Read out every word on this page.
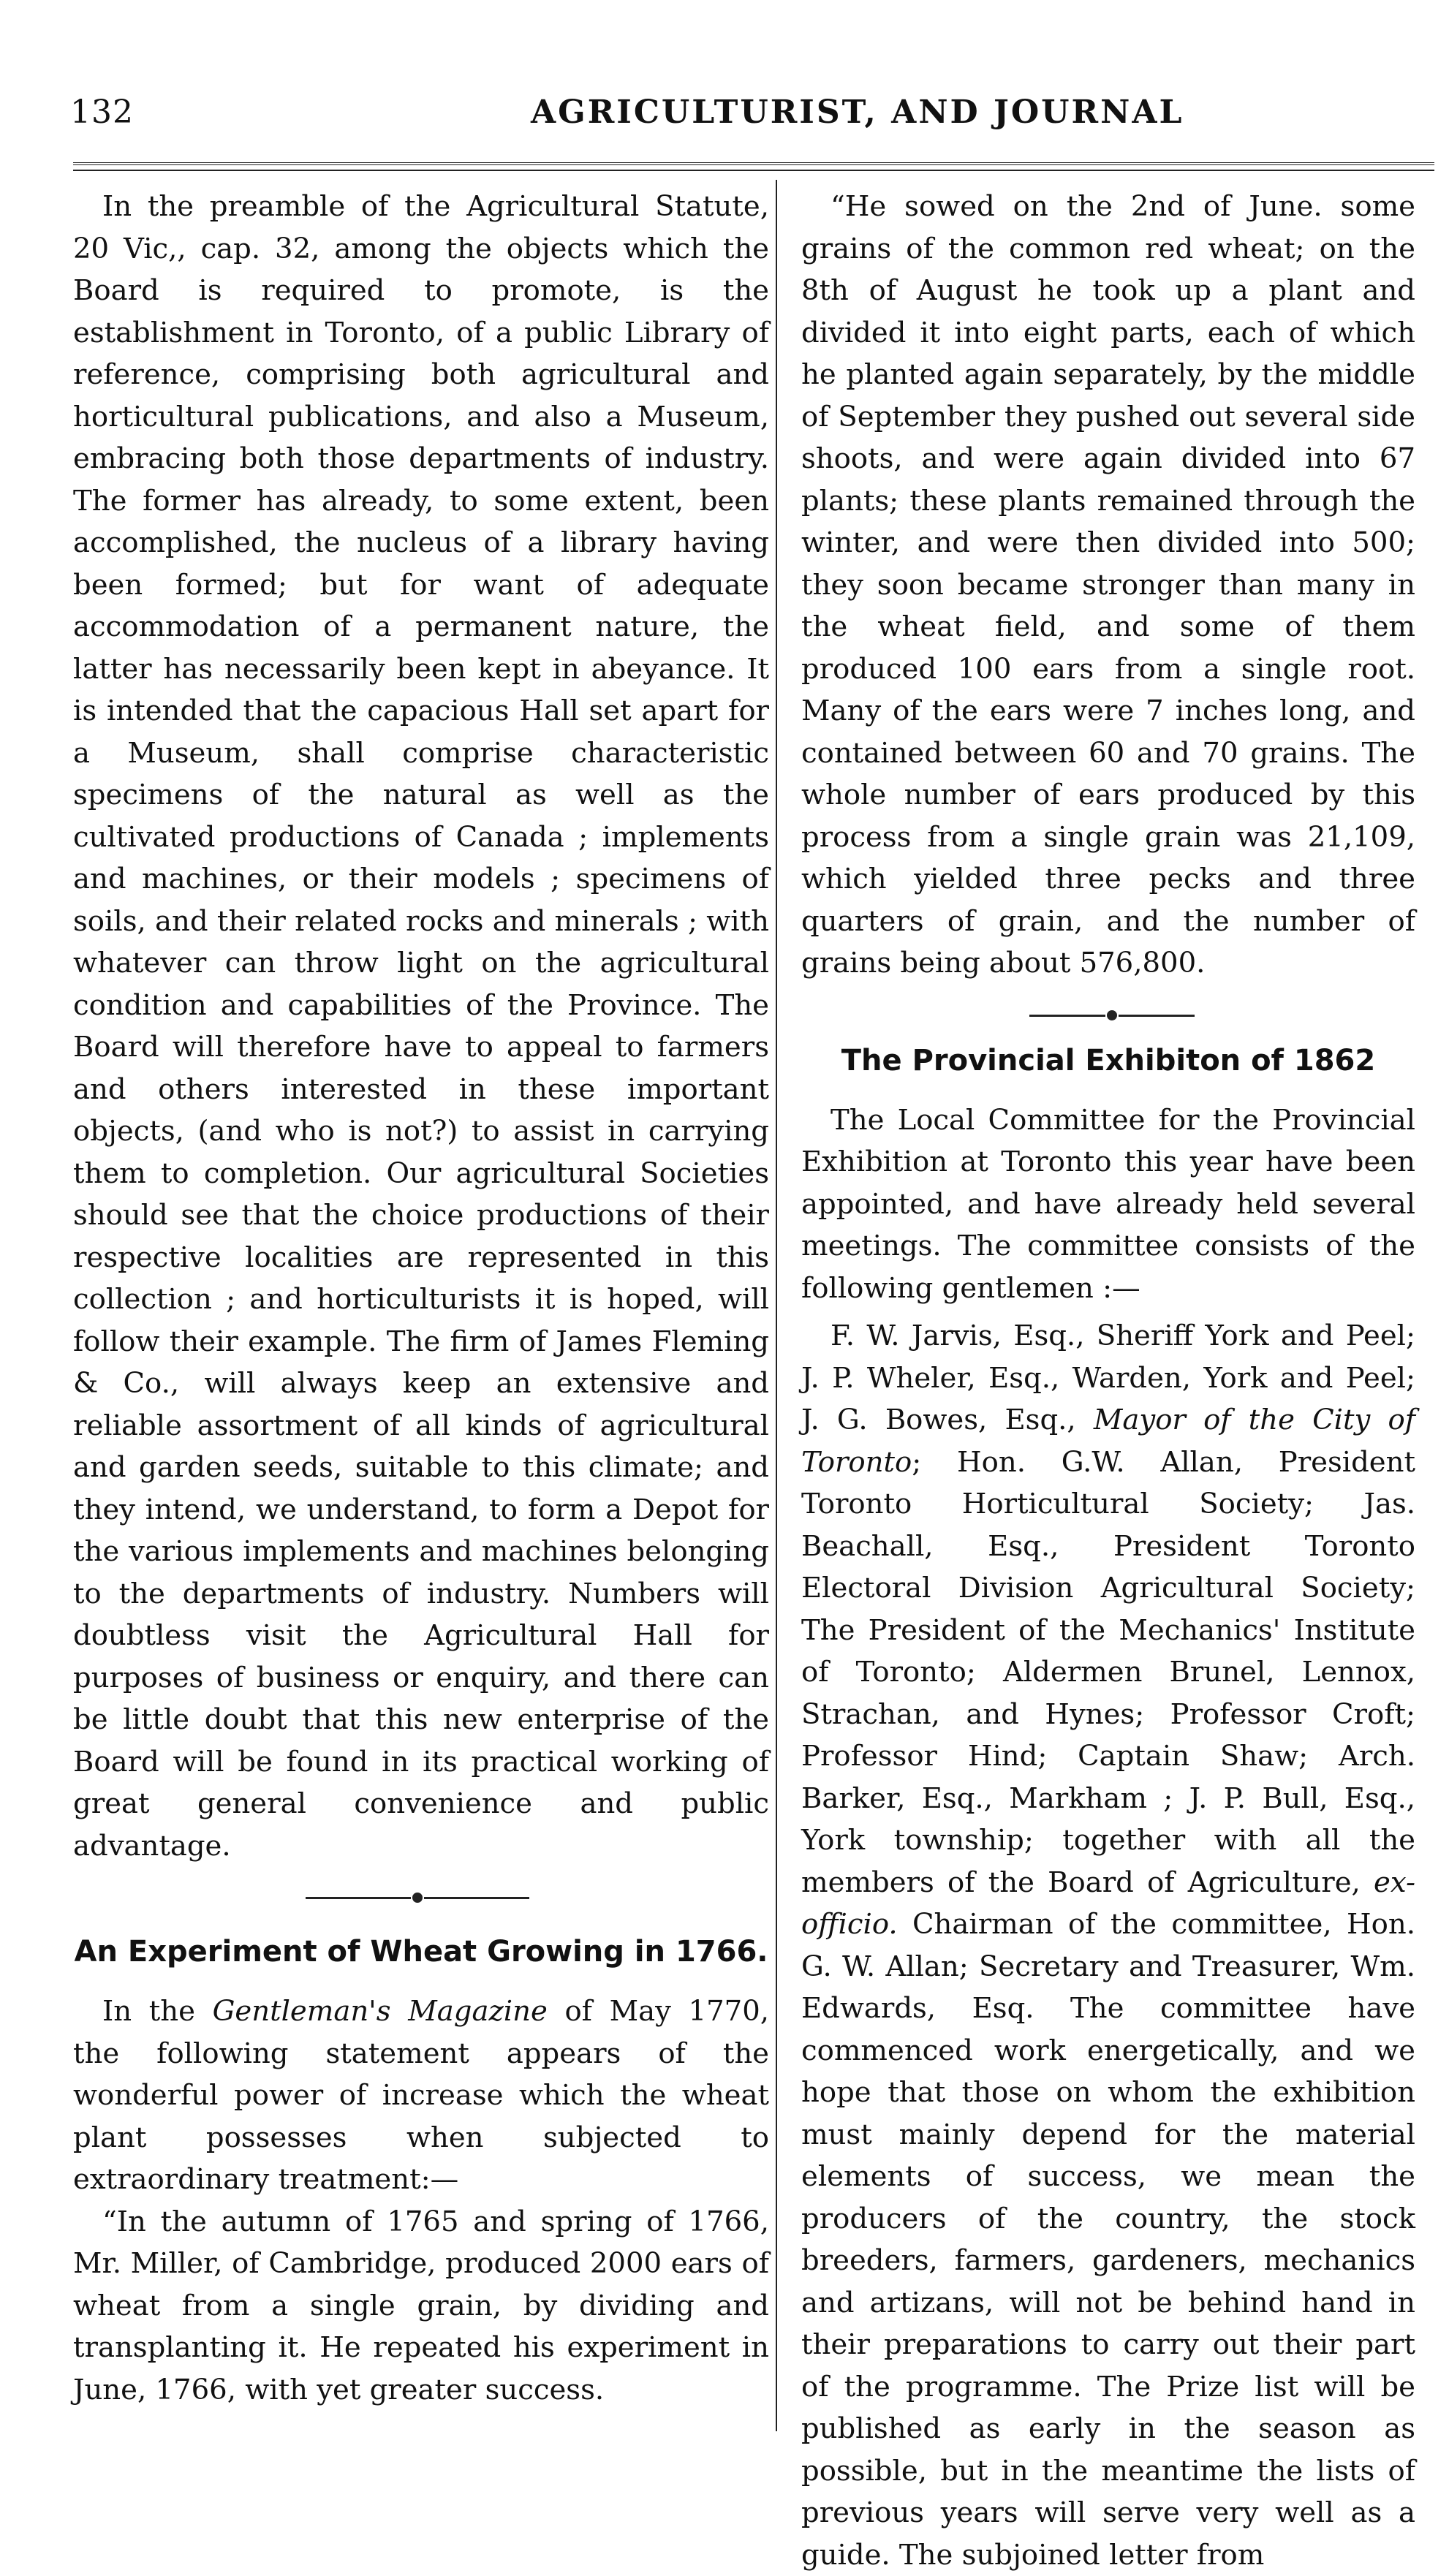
132	AGRICULTURIST, AND JOURNAL

In the preamble of the Agricultural Statute, 20 Vic,, cap. 32, among the objects which the Board is required to promote, is the establishment in Toronto, of a public Library of reference, comprising both agricultural and horticultural publications, and also a Museum, embracing both those departments of industry. The former has already, to some extent, been accomplished, the nucleus of a library having been formed; but for want of adequate accommodation of a permanent nature, the latter has necessarily been kept in abeyance. It is intended that the capacious Hall set apart for a Museum, shall comprise characteristic specimens of the natural as well as the cultivated productions of Canada ; implements and machines, or their models ; specimens of soils, and their related rocks and minerals ; with whatever can throw light on the agricultural condition and capabilities of the Province. The Board will therefore have to appeal to farmers and others interested in these important objects, (and who is not?) to assist in carrying them to completion. Our agricultural Societies should see that the choice productions of their respective localities are represented in this collection ; and horticulturists it is hoped, will follow their example. The firm of James Fleming & Co., will always keep an extensive and reliable assortment of all kinds of agricultural and garden seeds, suitable to this climate; and they intend, we understand, to form a Depot for the various implements and machines belonging to the departments of industry. Numbers will doubtless visit the Agricultural Hall for purposes of business or enquiry, and there can be little doubt that this new enterprise of the Board will be found in its practical working of great general convenience and public advantage.

An Experiment of Wheat Growing in 1766.

In the Gentleman's Magazine of May 1770, the following statement appears of the wonderful power of increase which the wheat plant possesses when subjected to extraordinary treatment:—

“In the autumn of 1765 and spring of 1766, Mr. Miller, of Cambridge, produced 2000 ears of wheat from a single grain, by dividing and transplanting it. He repeated his experiment in June, 1766, with yet greater success.

“He sowed on the 2nd of June. some grains of the common red wheat; on the 8th of August he took up a plant and divided it into eight parts, each of which he planted again separately, by the middle of September they pushed out several side shoots, and were again divided into 67 plants; these plants remained through the winter, and were then divided into 500; they soon became stronger than many in the wheat field, and some of them produced 100 ears from a single root. Many of the ears were 7 inches long, and contained between 60 and 70 grains. The whole number of ears produced by this process from a single grain was 21,109, which yielded three pecks and three quarters of grain, and the number of grains being about 576,800.

The Provincial Exhibiton of 1862

The Local Committee for the Provincial Exhibition at Toronto this year have been appointed, and have already held several meetings. The committee consists of the following gentlemen :—

F. W. Jarvis, Esq., Sheriff York and Peel; J. P. Wheler, Esq., Warden, York and Peel; J. G. Bowes, Esq., Mayor of the City of Toronto; Hon. G.W. Allan, President Toronto Horticultural Society; Jas. Beachall, Esq., President Toronto Electoral Division Agricultural Society; The President of the Mechanics' Institute of Toronto; Aldermen Brunel, Lennox, Strachan, and Hynes; Professor Croft; Professor Hind; Captain Shaw; Arch. Barker, Esq., Markham ; J. P. Bull, Esq., York township; together with all the members of the Board of Agriculture, ex-officio. Chairman of the committee, Hon. G. W. Allan; Secretary and Treasurer, Wm. Edwards, Esq. The committee have commenced work energetically, and we hope that those on whom the exhibition must mainly depend for the material elements of success, we mean the producers of the country, the stock breeders, farmers, gardeners, mechanics and artizans, will not be behind hand in their preparations to carry out their part of the programme. The Prize list will be published as early in the season as possible, but in the meantime the lists of previous years will serve very well as a guide. The subjoined letter from
